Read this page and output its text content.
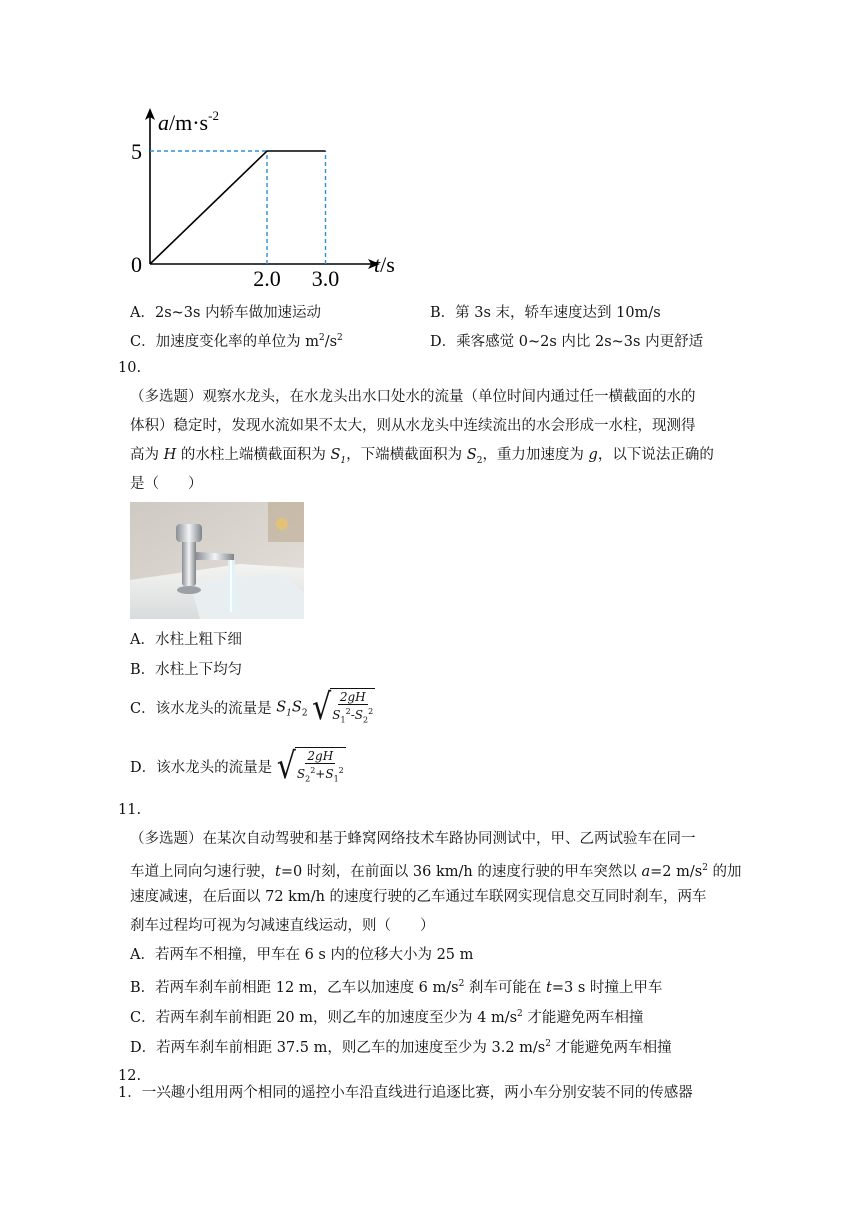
2.0 3.0
5
0
$a/m\cdot s^{-2}$
t/s
A．2s~3s 内轿车做加速运动	B．第 3s 末，轿车速度达到 10m/s
C．加速度变化率的单位为 $m^2/s^2$	D．乘客感觉 0~2s 内比 2s~3s 内更舒适
10.
（多选题）观察水龙头，在水龙头出水口处水的流量（单位时间内通过任一横截面的水的
体积）稳定时，发现水流如果不太大，则从水龙头中连续流出的水会形成一水柱，现测得
高为 H 的水柱上端横截面积为 $S_1$，下端横截面积为 $S_2$，重力加速度为 g，以下说法正确的
是（　　）
A．水柱上粗下细
B．水柱上下均匀
C．该水龙头的流量是 $S_1S_2$ √ $\frac{2gH}{S_1^2-S_2^2}$
D．该水龙头的流量是 √ $\frac{2gH}{S_2^2+S_1^2}$
11.
（多选题）在某次自动驾驶和基于蜂窝网络技术车路协同测试中，甲、乙两试验车在同一
车道上同向匀速行驶，t=0 时刻，在前面以 36 km/h 的速度行驶的甲车突然以 a=2 $m/s^2$ 的加
速度减速，在后面以 72 km/h 的速度行驶的乙车通过车联网实现信息交互同时刹车，两车
刹车过程均可视为匀减速直线运动，则（　　）
A．若两车不相撞，甲车在 6 s 内的位移大小为 25 m
B．若两车刹车前相距 12 m，乙车以加速度 6 $m/s^2$ 刹车可能在 t=3 s 时撞上甲车
C．若两车刹车前相距 20 m，则乙车的加速度至少为 4 $m/s^2$ 才能避免两车相撞
D．若两车刹车前相距 37.5 m，则乙车的加速度至少为 3.2 $m/s^2$ 才能避免两车相撞
12.
1．一兴趣小组用两个相同的遥控小车沿直线进行追逐比赛，两小车分别安装不同的传感器
